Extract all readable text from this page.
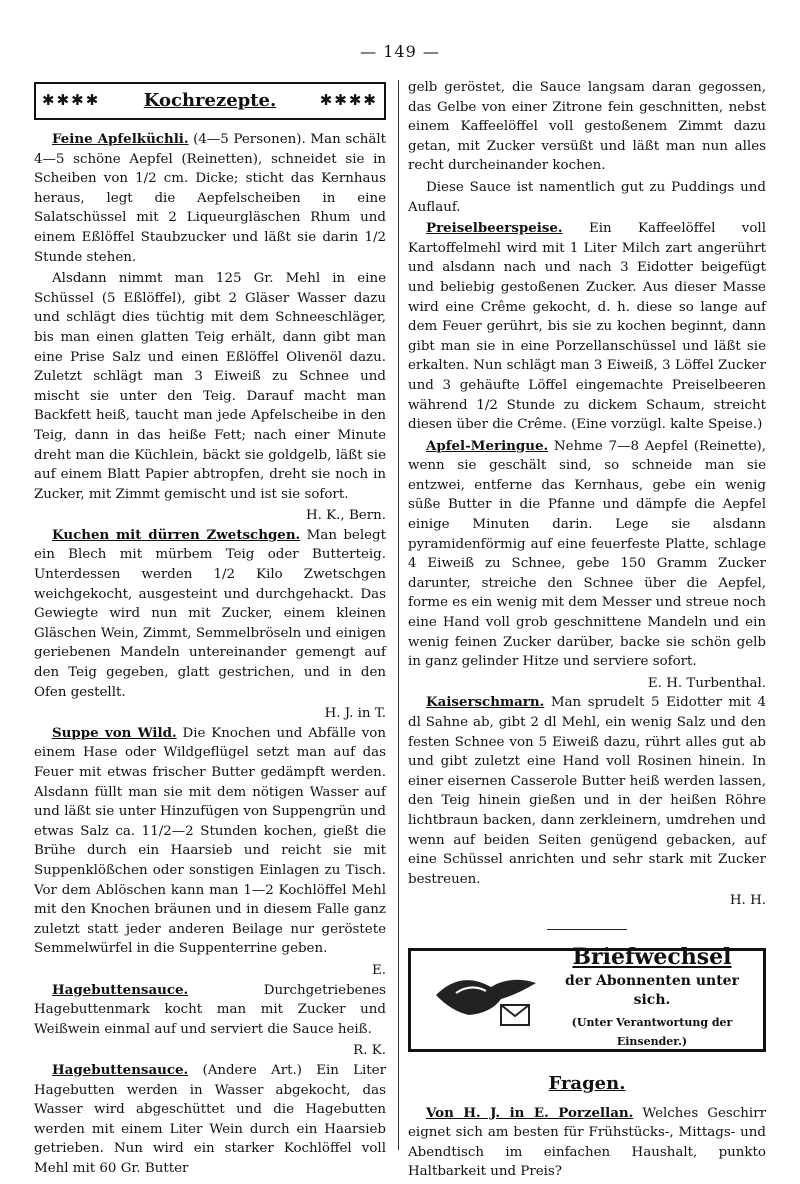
— 149 —
✱✱✱✱ Kochrezepte.	✱✱✱✱

Feine Apfelküchli. (4—5 Personen). Man schält 4—5 schöne Aepfel (Reinetten), schneidet sie in Scheiben von 1/2 cm. Dicke; sticht das Kernhaus heraus, legt die Aepfelscheiben in eine Salatschüssel mit 2 Liqueurgläschen Rhum und einem Eßlöffel Staubzucker und läßt sie darin 1/2 Stunde stehen.

Alsdann nimmt man 125 Gr. Mehl in eine Schüssel (5 Eßlöffel), gibt 2 Gläser Wasser dazu und schlägt dies tüchtig mit dem Schneeschläger, bis man einen glatten Teig erhält, dann gibt man eine Prise Salz und einen Eßlöffel Olivenöl dazu. Zuletzt schlägt man 3 Eiweiß zu Schnee und mischt sie unter den Teig. Darauf macht man Backfett heiß, taucht man jede Apfelscheibe in den Teig, dann in das heiße Fett; nach einer Minute dreht man die Küchlein, bäckt sie goldgelb, läßt sie auf einem Blatt Papier abtropfen, dreht sie noch in Zucker, mit Zimmt gemischt und ist sie sofort.

H. K., Bern.

Kuchen mit dürren Zwetschgen. Man belegt ein Blech mit mürbem Teig oder Butterteig. Unterdessen werden 1/2 Kilo Zwetschgen weichgekocht, ausgesteint und durchgehackt. Das Gewiegte wird nun mit Zucker, einem kleinen Gläschen Wein, Zimmt, Semmelbröseln und einigen geriebenen Mandeln untereinander gemengt auf den Teig gegeben, glatt gestrichen, und in den Ofen gestellt.

H. J. in T.

Suppe von Wild. Die Knochen und Abfälle von einem Hase oder Wildgeflügel setzt man auf das Feuer mit etwas frischer Butter gedämpft werden. Alsdann füllt man sie mit dem nötigen Wasser auf und läßt sie unter Hinzufügen von Suppengrün und etwas Salz ca. 11/2—2 Stunden kochen, gießt die Brühe durch ein Haarsieb und reicht sie mit Suppenklößchen oder sonstigen Einlagen zu Tisch. Vor dem Ablöschen kann man 1—2 Kochlöffel Mehl mit den Knochen bräunen und in diesem Falle ganz zuletzt statt jeder anderen Beilage nur geröstete Semmelwürfel in die Suppenterrine geben.

E.

Hagebuttensauce.	Durchgetriebenes Hagebuttenmark kocht man mit Zucker und Weißwein einmal auf und serviert die Sauce heiß.

R. K.

Hagebuttensauce. (Andere Art.) Ein Liter Hagebutten werden in Wasser abgekocht, das Wasser wird abgeschüttet und die Hagebutten werden mit einem Liter Wein durch ein Haarsieb getrieben. Nun wird ein starker Kochlöffel voll Mehl mit 60 Gr. Butter

gelb geröstet, die Sauce langsam daran gegossen, das Gelbe von einer Zitrone fein geschnitten, nebst einem Kaffeelöffel voll gestoßenem Zimmt dazu getan, mit Zucker versüßt und läßt man nun alles recht durcheinander kochen.

Diese Sauce ist namentlich gut zu Puddings und Auflauf.

Preiselbeerspeise. Ein Kaffeelöffel voll Kartoffelmehl wird mit 1 Liter Milch zart angerührt und alsdann nach und nach 3 Eidotter beigefügt und beliebig gestoßenen Zucker. Aus dieser Masse wird eine Crême gekocht, d. h. diese so lange auf dem Feuer gerührt, bis sie zu kochen beginnt, dann gibt man sie in eine Porzellanschüssel und läßt sie erkalten. Nun schlägt man 3 Eiweiß, 3 Löffel Zucker und 3 gehäufte Löffel eingemachte Preiselbeeren während 1/2 Stunde zu dickem Schaum, streicht diesen über die Crême. (Eine vorzügl. kalte Speise.)

Apfel-Meringue. Nehme 7—8 Aepfel (Reinette), wenn sie geschält sind, so schneide man sie entzwei, entferne das Kernhaus, gebe ein wenig süße Butter in die Pfanne und dämpfe die Aepfel einige Minuten darin. Lege sie alsdann pyramidenförmig auf eine feuerfeste Platte, schlage 4 Eiweiß zu Schnee, gebe 150 Gramm Zucker darunter, streiche den Schnee über die Aepfel, forme es ein wenig mit dem Messer und streue noch eine Hand voll grob geschnittene Mandeln und ein wenig feinen Zucker darüber, backe sie schön gelb in ganz gelinder Hitze und serviere sofort.

E. H. Turbenthal.

Kaiserschmarn. Man sprudelt 5 Eidotter mit 4 dl Sahne ab, gibt 2 dl Mehl, ein wenig Salz und den festen Schnee von 5 Eiweiß dazu, rührt alles gut ab und gibt zuletzt eine Hand voll Rosinen hinein. In einer eisernen Casserole Butter heiß werden lassen, den Teig hinein gießen und in der heißen Röhre lichtbraun backen, dann zerkleinern, umdrehen und wenn auf beiden Seiten genügend gebacken, auf eine Schüssel anrichten und sehr stark mit Zucker bestreuen.

H. H.
Briefwechsel
der Abonnenten unter sich.
(Unter Verantwortung der Einsender.)
Fragen.

Von H. J. in E. Porzellan. Welches Geschirr eignet sich am besten für Frühstücks-, Mittags- und Abendtisch im einfachen Haushalt, punkto Haltbarkeit und Preis?
